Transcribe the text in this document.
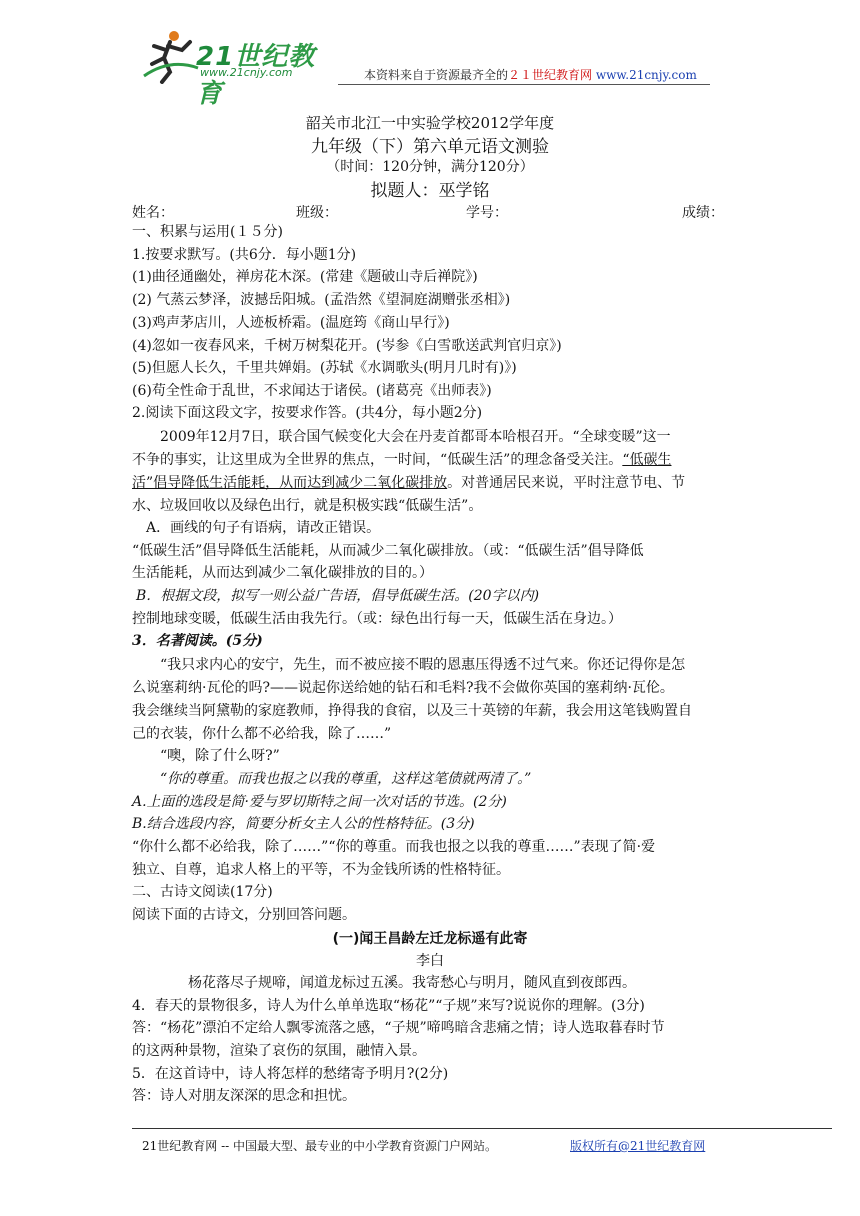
21世纪教育
www.21cnjy.com	本资料来自于资源最齐全的２１世纪教育网 www.21cnjy.com
韶关市北江一中实验学校2012学年度
九年级（下）第六单元语文测验
（时间：120分钟，满分120分）
拟题人：巫学铭
姓名：	班级：	学号：	成绩：
一、积累与运用(１５分)
1.按要求默写。(共6分．每小题1分)
(1)曲径通幽处，禅房花木深。(常建《题破山寺后禅院》)
(2) 气蒸云梦泽，波撼岳阳城。(孟浩然《望洞庭湖赠张丞相》)
(3)鸡声茅店川，人迹板桥霜。(温庭筠《商山早行》)
(4)忽如一夜春风来，千树万树梨花开。(岑参《白雪歌送武判官归京》)
(5)但愿人长久，千里共婵娟。(苏轼《水调歌头(明月几时有)》)
(6)苟全性命于乱世，不求闻达于诸侯。(诸葛亮《出师表》)
2.阅读下面这段文字，按要求作答。(共4分，每小题2分)
2009年12月7日，联合国气候变化大会在丹麦首都哥本哈根召开。“全球变暖”这一
不争的事实，让这里成为全世界的焦点，一时间，“低碳生活”的理念备受关注。“低碳生
活”倡导降低生活能耗，从而达到减少二氧化碳排放。对普通居民来说，平时注意节电、节
水、垃圾回收以及绿色出行，就是积极实践“低碳生活”。
A．画线的句子有语病，请改正错误。
“低碳生活”倡导降低生活能耗，从而减少二氧化碳排放。（或：“低碳生活”倡导降低
生活能耗，从而达到减少二氧化碳排放的目的。）
B．根据文段，拟写一则公益广告语，倡导低碳生活。(20字以内)
控制地球变暖，低碳生活由我先行。（或：绿色出行每一天，低碳生活在身边。）
3．名著阅读。(5分)
“我只求内心的安宁，先生，而不被应接不暇的恩惠压得透不过气来。你还记得你是怎
么说塞莉纳·瓦伦的吗?——说起你送给她的钻石和毛料?我不会做你英国的塞莉纳·瓦伦。
我会继续当阿黛勒的家庭教师，挣得我的食宿，以及三十英镑的年薪，我会用这笔钱购置自
己的衣装，你什么都不必给我，除了……”
“噢，除了什么呀?”
“你的尊重。而我也报之以我的尊重，这样这笔债就两清了。”
A.上面的选段是简·爱与罗切斯特之间一次对话的节选。(2分)
B.结合选段内容，简要分析女主人公的性格特征。(3分)
“你什么都不必给我，除了……”“你的尊重。而我也报之以我的尊重……”表现了简·爱
独立、自尊，追求人格上的平等，不为金钱所诱的性格特征。
二、古诗文阅读(17分)
阅读下面的古诗文，分别回答问题。
(一)闻王昌龄左迁龙标遥有此寄
李白
杨花落尽子规啼，闻道龙标过五溪。我寄愁心与明月，随风直到夜郎西。
4．春天的景物很多，诗人为什么单单选取“杨花”“子规”来写?说说你的理解。(3分)
答：“杨花”漂泊不定给人飘零流落之感，“子规”啼鸣暗含悲痛之情；诗人选取暮春时节
的这两种景物，渲染了哀伤的氛围，融情入景。
5．在这首诗中，诗人将怎样的愁绪寄予明月?(2分)
答：诗人对朋友深深的思念和担忧。
21世纪教育网 -- 中国最大型、最专业的中小学教育资源门户网站。	版权所有@21世纪教育网
